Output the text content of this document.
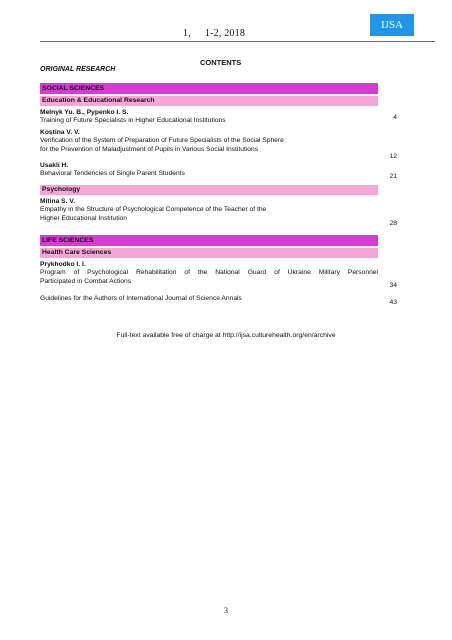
1, 1-2, 2018
IJSA
CONTENTS
ORIGINAL RESEARCH
SOCIAL SCIENCES
Education & Educational Research
Melnyk Yu. B., Pypenko I. S.
Training of Future Specialists in Higher Educational Institutions	4
Kostina V. V.
Verification of the System of Preparation of Future Specialists of the Social Sphere
for the Prevention of Maladjustment of Pupils in Various Social Institutions
12
Usakli H.
Behavioral Tendencies of Single Parent Students	21
Psychology
Mitina S. V.
Empathy in the Structure of Psychological Competence of the Teacher of the
Higher Educational Institution
28
LIFE SCIENCES
Health Care Sciences
Prykhodko I. I.
Program of Psychological Rehabilitation of the National Guard of Ukraine Military Personnel
Participated in Combat Actions
34
Guidelines for the Authors of International Journal of Science Annals
43
Full-text available free of charge at http://ijsa.culturehealth.org/en/archive
3
